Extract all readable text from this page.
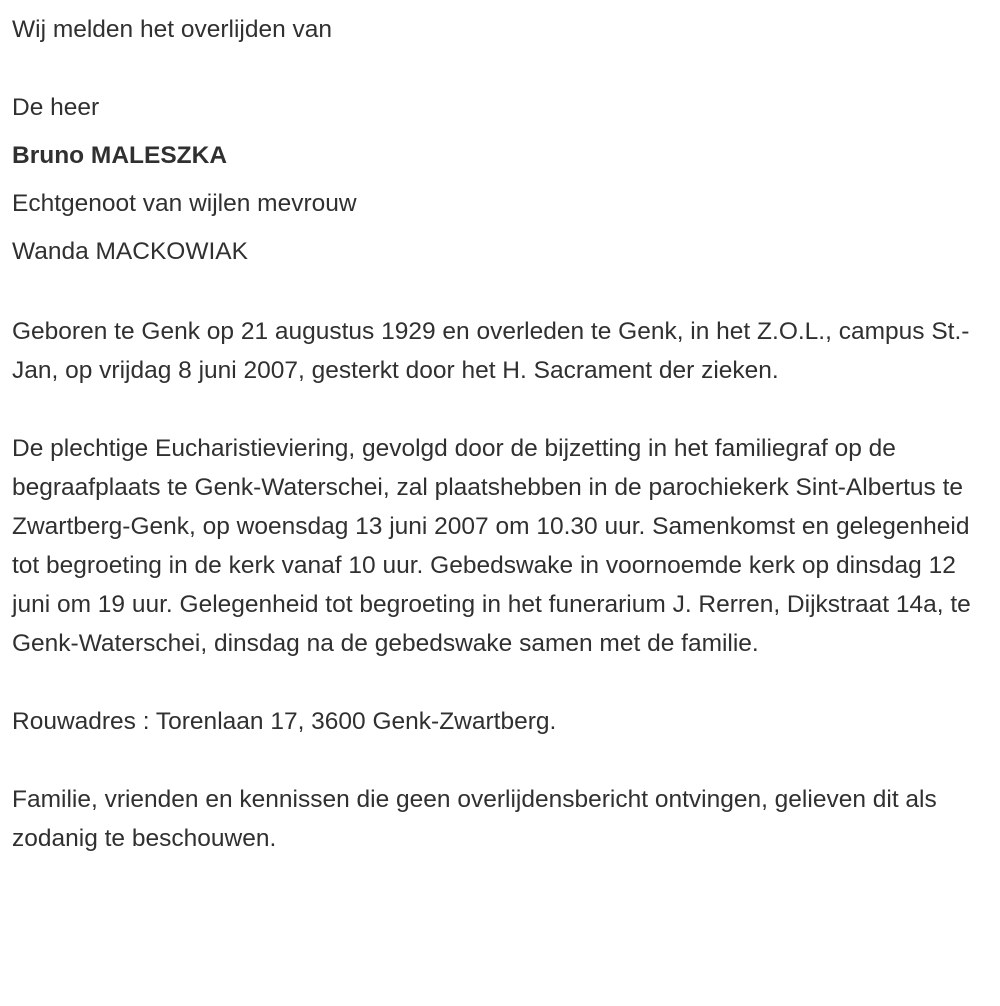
Wij melden het overlijden van

De heer

Bruno MALESZKA

Echtgenoot van wijlen mevrouw

Wanda MACKOWIAK

Geboren te Genk op 21 augustus 1929 en overleden te Genk, in het Z.O.L., campus St.-Jan, op vrijdag 8 juni 2007, gesterkt door het H. Sacrament der zieken.

De plechtige Eucharistieviering, gevolgd door de bijzetting in het familiegraf op de begraafplaats te Genk-Waterschei, zal plaatshebben in de parochiekerk Sint-Albertus te Zwartberg-Genk, op woensdag 13 juni 2007 om 10.30 uur. Samenkomst en gelegenheid tot begroeting in de kerk vanaf 10 uur. Gebedswake in voornoemde kerk op dinsdag 12 juni om 19 uur. Gelegenheid tot begroeting in het funerarium J. Rerren, Dijkstraat 14a, te Genk-Waterschei, dinsdag na de gebedswake samen met de familie.

Rouwadres : Torenlaan 17, 3600 Genk-Zwartberg.

Familie, vrienden en kennissen die geen overlijdensbericht ontvingen, gelieven dit als zodanig te beschouwen.
